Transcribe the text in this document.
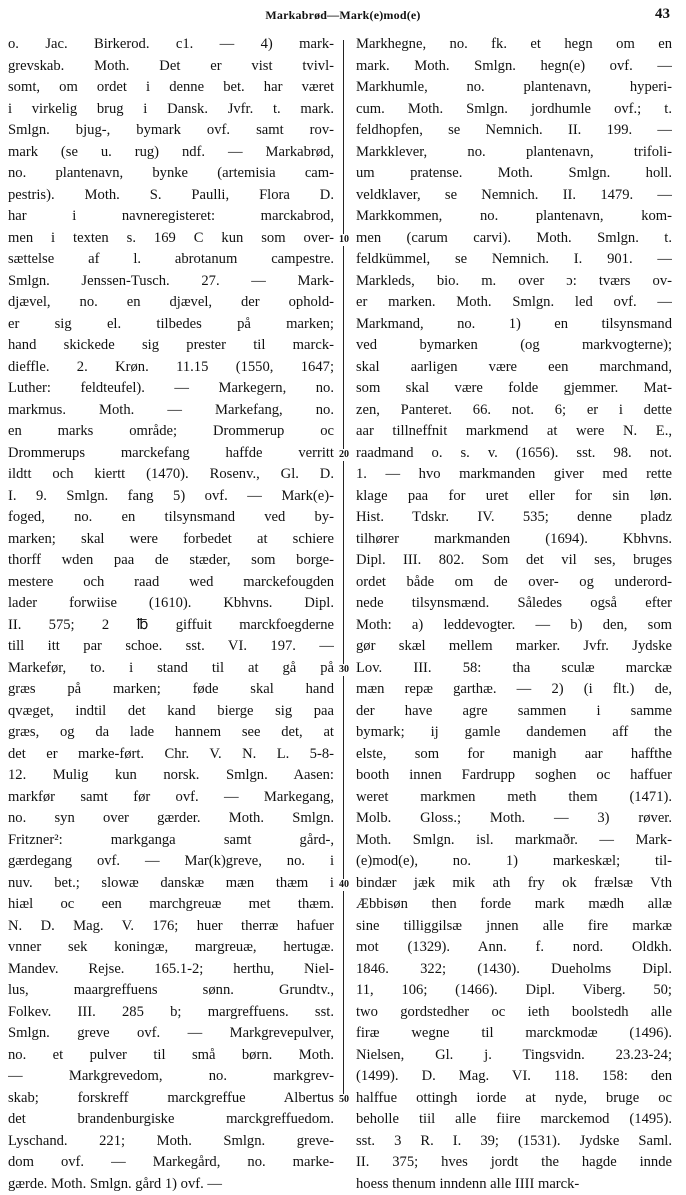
Markabrød—Mark(e)mod(e)	43
o. Jac. Birkerod. c1. — 4) mark-
grevskab. Moth. Det er vist tvivl-
somt, om ordet i denne bet. har været
i virkelig brug i Dansk. Jvfr. t. mark.
Smlgn. bjug-, bymark ovf. samt rov-
mark (se u. rug) ndf. — Markabrød,
no. plantenavn, bynke (artemisia cam-
pestris). Moth. S. Paulli, Flora D.
har i navneregisteret: marckabrod,
men i texten s. 169 C kun som over-
sættelse af l. abrotanum campestre.
Smlgn. Jenssen-Tusch. 27. — Mark-
djævel, no. en djævel, der ophold-
er sig el. tilbedes på marken;
hand skickede sig prester til marck-
dieffle. 2. Krøn. 11.15 (1550, 1647;
Luther: feldteufel). — Markegern, no.
markmus. Moth. — Markefang, no.
en marks område; Drommerup oc
Drommerups marckefang haffde verritt
ildtt och kiertt (1470). Rosenv., Gl. D.
I. 9. Smlgn. fang 5) ovf. — Mark(e)-
foged, no. en tilsynsmand ved by-
marken; skal were forbedet at schiere
thorff wden paa de stæder, som borge-
mestere och raad wed marckefougden
lader forwiise (1610). Kbhvns. Dipl.
II. 575; 2 ℔ giffuit marckfoegderne
till itt par schoe. sst. VI. 197. —
Markefør, to. i stand til at gå på
græs på marken; føde skal hand
qvæget, indtil det kand bierge sig paa
græs, og da lade hannem see det, at
det er marke-ført. Chr. V. N. L. 5-8-
12. Mulig kun norsk. Smlgn. Aasen:
markfør samt før ovf. — Markegang,
no. syn over gærder. Moth. Smlgn.
Fritzner²: markganga samt gård-,
gærdegang ovf. — Mar(k)greve, no. i
nuv. bet.; slowæ danskæ mæn thæm i
hiæl oc een marchgreuæ met thæm.
N. D. Mag. V. 176; huer therræ hafuer
vnner sek koningæ, margreuæ, hertugæ.
Mandev. Rejse. 165.1-2; herthu, Niel-
lus, maargreffuens sønn. Grundtv.,
Folkev. III. 285 b; margreffuens. sst.
Smlgn. greve ovf. — Markgrevepulver,
no. et pulver til små børn. Moth.
— Markgrevedom, no. markgrev-
skab; forskreff marckgreffue Albertus
det brandenburgiske marckgreffuedom.
Lyschand. 221; Moth. Smlgn. greve-
dom ovf. — Markegård, no. marke-
gærde. Moth. Smlgn. gård 1) ovf. —
10
20
30
40
50
Markhegne, no. fk. et hegn om en
mark. Moth. Smlgn. hegn(e) ovf. —
Markhumle, no. plantenavn, hyperi-
cum. Moth. Smlgn. jordhumle ovf.; t.
feldhopfen, se Nemnich. II. 199. —
Markklever, no. plantenavn, trifoli-
um pratense. Moth. Smlgn. holl.
veldklaver, se Nemnich. II. 1479. —
Markkommen, no. plantenavn, kom-
men (carum carvi). Moth. Smlgn. t.
feldkümmel, se Nemnich. I. 901. —
Markleds, bio. m. over ɔ: tværs ov-
er marken. Moth. Smlgn. led ovf. —
Markmand, no. 1) en tilsynsmand
ved bymarken (og markvogterne);
skal aarligen være een marchmand,
som skal være folde gjemmer. Mat-
zen, Panteret. 66. not. 6; er i dette
aar tillneffnit markmend at were N. E.,
raadmand o. s. v. (1656). sst. 98. not.
1. — hvo markmanden giver med rette
klage paa for uret eller for sin løn.
Hist. Tdskr. IV. 535; denne pladz
tilhører markmanden (1694). Kbhvns.
Dipl. III. 802. Som det vil ses, bruges
ordet både om de over- og underord-
nede tilsynsmænd. Således også efter
Moth: a) leddevogter. — b) den, som
gør skæl mellem marker. Jvfr. Jydske
Lov. III. 58: tha sculæ marckæ
mæn repæ garthæ. — 2) (i flt.) de,
der have agre sammen i samme
bymark; ij gamle dandemen aff the
elste, som for manigh aar haffthe
booth innen Fardrupp soghen oc haffuer
weret markmen meth them (1471).
Molb. Gloss.; Moth. — 3) røver.
Moth. Smlgn. isl. markmaðr. — Mark-
(e)mod(e), no. 1) markeskæl; til-
bindær jæk mik ath fry ok frælsæ Vth
Æbbisøn then forde mark mædh allæ
sine tilliggilsæ jnnen alle fire markæ
mot (1329). Ann. f. nord. Oldkh.
1846. 322; (1430). Dueholms Dipl.
11, 106; (1466). Dipl. Viberg. 50;
two gordstedher oc ieth boolstedh alle
firæ wegne til marckmodæ (1496).
Nielsen, Gl. j. Tingsvidn. 23.23-24;
(1499). D. Mag. VI. 118. 158: den
halffue ottingh iorde at nyde, bruge oc
beholle tiil alle fiire marckemod (1495).
sst. 3 R. I. 39; (1531). Jydske Saml.
II. 375; hves jordt the hagde innde
hoess thenum inndenn alle IIII marck-
